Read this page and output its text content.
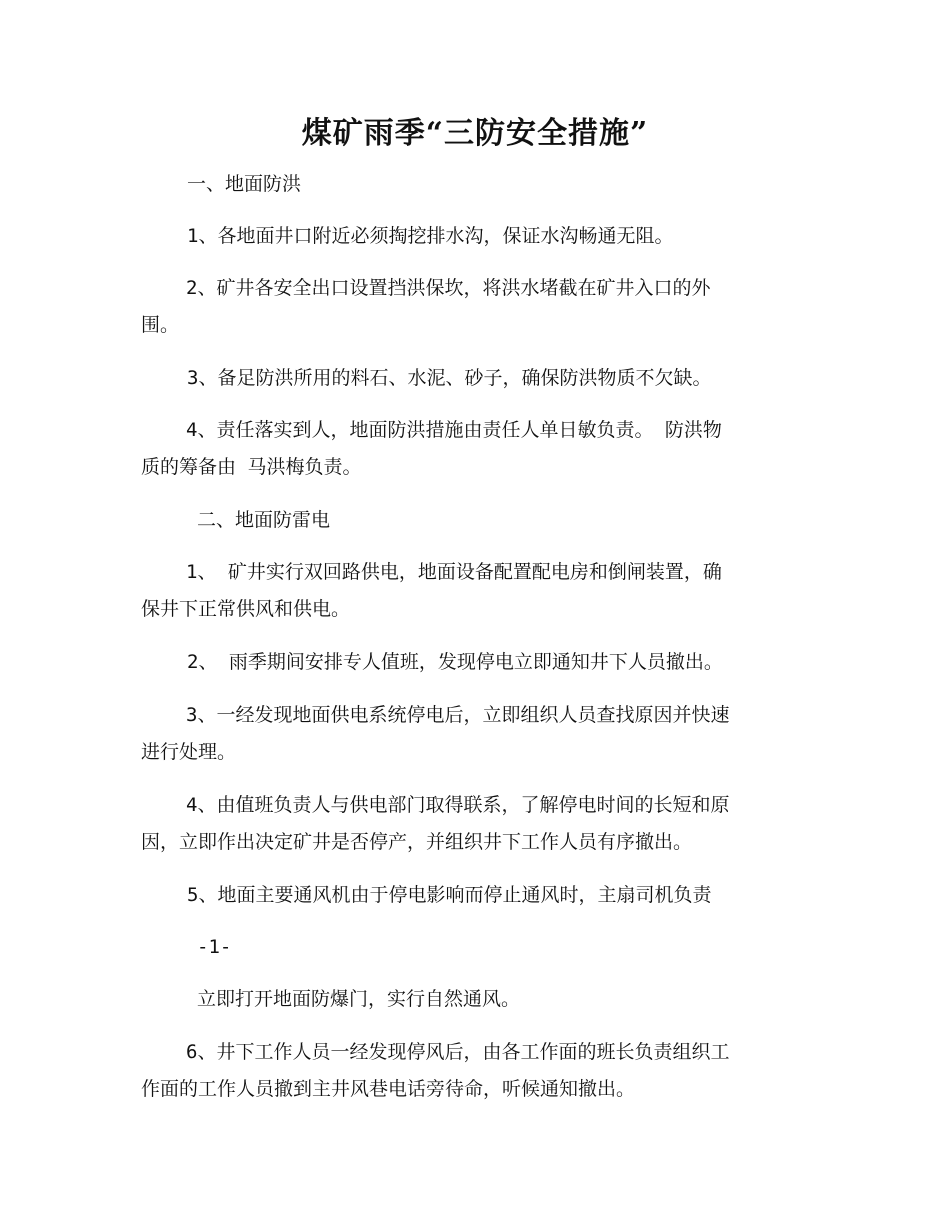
煤矿雨季“三防安全措施”

一、地面防洪

1、各地面井口附近必须掏挖排水沟，保证水沟畅通无阻。

2、矿井各安全出口设置挡洪保坎，将洪水堵截在矿井入口的外
围。

3、备足防洪所用的料石、水泥、砂子，确保防洪物质不欠缺。

4、责任落实到人，地面防洪措施由责任人单日敏负责。 防洪物
质的筹备由 马洪梅负责。

二、地面防雷电

1、 矿井实行双回路供电，地面设备配置配电房和倒闸装置，确
保井下正常供风和供电。

2、 雨季期间安排专人值班，发现停电立即通知井下人员撤出。

3、一经发现地面供电系统停电后，立即组织人员查找原因并快速
进行处理。
4、由值班负责人与供电部门取得联系，了解停电时间的长短和原
因，立即作出决定矿井是否停产，并组织井下工作人员有序撤出。

5、地面主要通风机由于停电影响而停止通风时，主扇司机负责

-1-

立即打开地面防爆门，实行自然通风。

6、井下工作人员一经发现停风后，由各工作面的班长负责组织工
作面的工作人员撤到主井风巷电话旁待命，听候通知撤出。
